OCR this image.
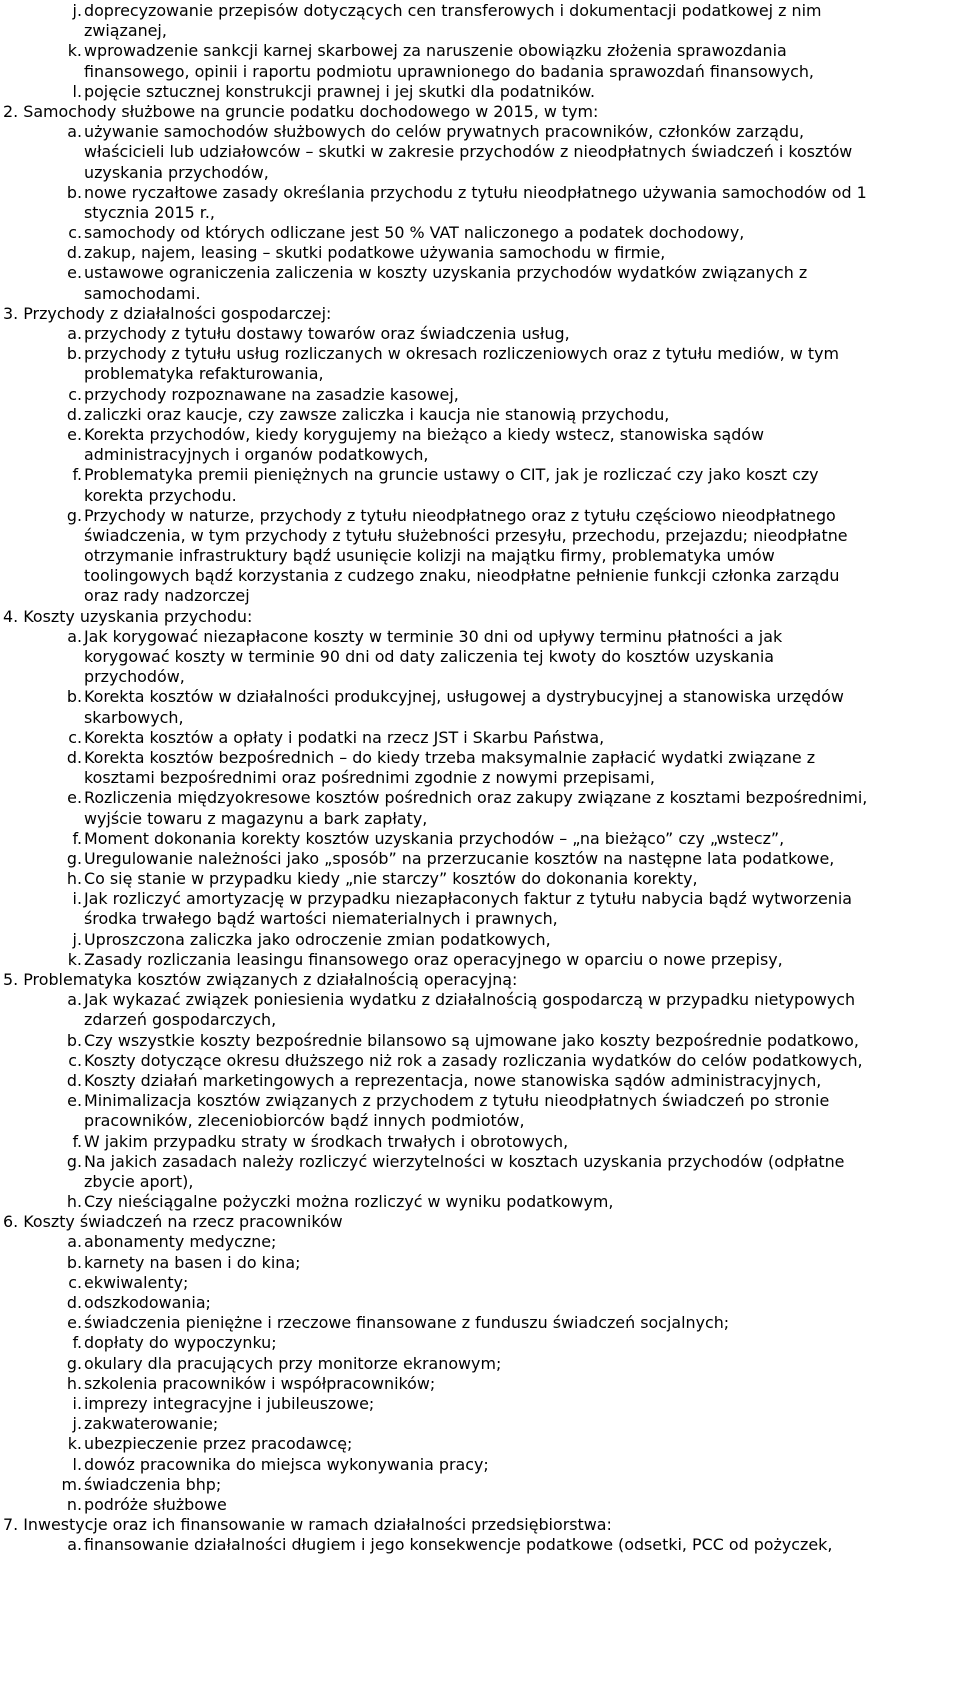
j. doprecyzowanie przepisów dotyczących cen transferowych i dokumentacji podatkowej z nim
związanej,
k. wprowadzenie sankcji karnej skarbowej za naruszenie obowiązku złożenia sprawozdania
finansowego, opinii i raportu podmiotu uprawnionego do badania sprawozdań finansowych,
l. pojęcie sztucznej konstrukcji prawnej i jej skutki dla podatników.
2. Samochody służbowe na gruncie podatku dochodowego w 2015, w tym:
a. używanie samochodów służbowych do celów prywatnych pracowników, członków zarządu,
właścicieli lub udziałowców – skutki w zakresie przychodów z nieodpłatnych świadczeń i kosztów
uzyskania przychodów,
b. nowe ryczałtowe zasady określania przychodu z tytułu nieodpłatnego używania samochodów od 1
stycznia 2015 r.,
c. samochody od których odliczane jest 50 % VAT naliczonego a podatek dochodowy,
d. zakup, najem, leasing – skutki podatkowe używania samochodu w firmie,
e. ustawowe ograniczenia zaliczenia w koszty uzyskania przychodów wydatków związanych z
samochodami.
3. Przychody z działalności gospodarczej:
a. przychody z tytułu dostawy towarów oraz świadczenia usług,
b. przychody z tytułu usług rozliczanych w okresach rozliczeniowych oraz z tytułu mediów, w tym
problematyka refakturowania,
c. przychody rozpoznawane na zasadzie kasowej,
d. zaliczki oraz kaucje, czy zawsze zaliczka i kaucja nie stanowią przychodu,
e. Korekta przychodów, kiedy korygujemy na bieżąco a kiedy wstecz, stanowiska sądów
administracyjnych i organów podatkowych,
f. Problematyka premii pieniężnych na gruncie ustawy o CIT, jak je rozliczać czy jako koszt czy
korekta przychodu.
g. Przychody w naturze, przychody z tytułu nieodpłatnego oraz z tytułu częściowo nieodpłatnego
świadczenia, w tym przychody z tytułu służebności przesyłu, przechodu, przejazdu; nieodpłatne
otrzymanie infrastruktury bądź usunięcie kolizji na majątku firmy, problematyka umów
toolingowych bądź korzystania z cudzego znaku, nieodpłatne pełnienie funkcji członka zarządu
oraz rady nadzorczej
4. Koszty uzyskania przychodu:
a. Jak korygować niezapłacone koszty w terminie 30 dni od upływy terminu płatności a jak
korygować koszty w terminie 90 dni od daty zaliczenia tej kwoty do kosztów uzyskania
przychodów,
b. Korekta kosztów w działalności produkcyjnej, usługowej a dystrybucyjnej a stanowiska urzędów
skarbowych,
c. Korekta kosztów a opłaty i podatki na rzecz JST i Skarbu Państwa,
d. Korekta kosztów bezpośrednich – do kiedy trzeba maksymalnie zapłacić wydatki związane z
kosztami bezpośrednimi oraz pośrednimi zgodnie z nowymi przepisami,
e. Rozliczenia międzyokresowe kosztów pośrednich oraz zakupy związane z kosztami bezpośrednimi,
wyjście towaru z magazynu a bark zapłaty,
f. Moment dokonania korekty kosztów uzyskania przychodów – „na bieżąco” czy „wstecz”,
g. Uregulowanie należności jako „sposób” na przerzucanie kosztów na następne lata podatkowe,
h. Co się stanie w przypadku kiedy „nie starczy” kosztów do dokonania korekty,
i. Jak rozliczyć amortyzację w przypadku niezapłaconych faktur z tytułu nabycia bądź wytworzenia
środka trwałego bądź wartości niematerialnych i prawnych,
j. Uproszczona zaliczka jako odroczenie zmian podatkowych,
k. Zasady rozliczania leasingu finansowego oraz operacyjnego w oparciu o nowe przepisy,
5. Problematyka kosztów związanych z działalnością operacyjną:
a. Jak wykazać związek poniesienia wydatku z działalnością gospodarczą w przypadku nietypowych
zdarzeń gospodarczych,
b. Czy wszystkie koszty bezpośrednie bilansowo są ujmowane jako koszty bezpośrednie podatkowo,
c. Koszty dotyczące okresu dłuższego niż rok a zasady rozliczania wydatków do celów podatkowych,
d. Koszty działań marketingowych a reprezentacja, nowe stanowiska sądów administracyjnych,
e. Minimalizacja kosztów związanych z przychodem z tytułu nieodpłatnych świadczeń po stronie
pracowników, zleceniobiorców bądź innych podmiotów,
f. W jakim przypadku straty w środkach trwałych i obrotowych,
g. Na jakich zasadach należy rozliczyć wierzytelności w kosztach uzyskania przychodów (odpłatne
zbycie aport),
h. Czy nieściągalne pożyczki można rozliczyć w wyniku podatkowym,
6. Koszty świadczeń na rzecz pracowników
a. abonamenty medyczne;
b. karnety na basen i do kina;
c. ekwiwalenty;
d. odszkodowania;
e. świadczenia pieniężne i rzeczowe finansowane z funduszu świadczeń socjalnych;
f. dopłaty do wypoczynku;
g. okulary dla pracujących przy monitorze ekranowym;
h. szkolenia pracowników i współpracowników;
i. imprezy integracyjne i jubileuszowe;
j. zakwaterowanie;
k. ubezpieczenie przez pracodawcę;
l. dowóz pracownika do miejsca wykonywania pracy;
m. świadczenia bhp;
n. podróże służbowe
7. Inwestycje oraz ich finansowanie w ramach działalności przedsiębiorstwa:
a. finansowanie działalności długiem i jego konsekwencje podatkowe (odsetki, PCC od pożyczek,
